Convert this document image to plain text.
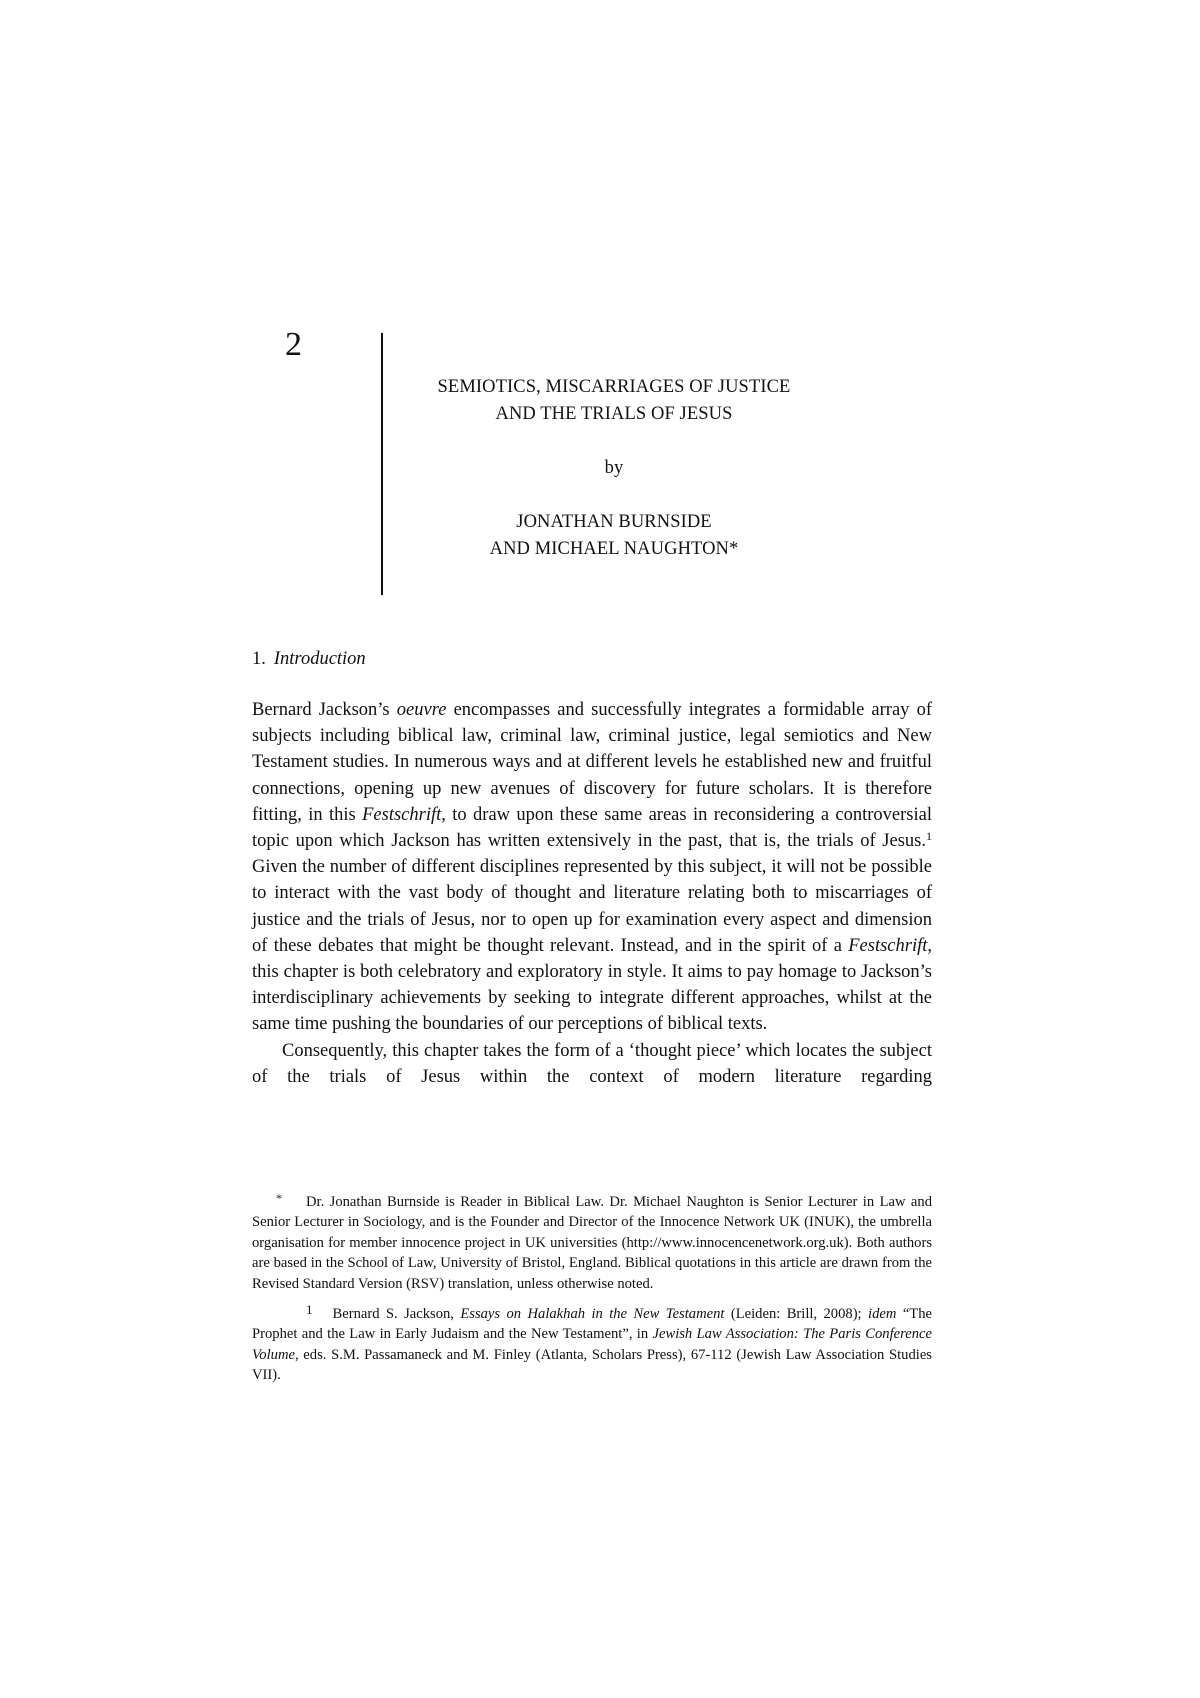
2
SEMIOTICS, MISCARRIAGES OF JUSTICE
AND THE TRIALS OF JESUS
by
JONATHAN BURNSIDE
AND MICHAEL NAUGHTON*
1. Introduction

Bernard Jackson’s oeuvre encompasses and successfully integrates a formidable array of subjects including biblical law, criminal law, criminal justice, legal semiotics and New Testament studies. In numerous ways and at different levels he established new and fruitful connections, opening up new avenues of discovery for future scholars. It is therefore fitting, in this Festschrift, to draw upon these same areas in reconsidering a controversial topic upon which Jackson has written extensively in the past, that is, the trials of Jesus.$^1$ Given the number of different disciplines represented by this subject, it will not be possible to interact with the vast body of thought and literature relating both to miscarriages of justice and the trials of Jesus, nor to open up for examination every aspect and dimension of these debates that might be thought relevant. Instead, and in the spirit of a Festschrift, this chapter is both celebratory and exploratory in style. It aims to pay homage to Jackson’s interdisciplinary achievements by seeking to integrate different approaches, whilst at the same time pushing the boundaries of our perceptions of biblical texts.

Consequently, this chapter takes the form of a ‘thought piece’ which locates the subject of the trials of Jesus within the context of modern literature regarding

* Dr. Jonathan Burnside is Reader in Biblical Law. Dr. Michael Naughton is Senior Lecturer in Law and Senior Lecturer in Sociology, and is the Founder and Director of the Innocence Network UK (INUK), the umbrella organisation for member innocence project in UK universities (http://www.innocencenetwork.org.uk). Both authors are based in the School of Law, University of Bristol, England. Biblical quotations in this article are drawn from the Revised Standard Version (RSV) translation, unless otherwise noted.

1 Bernard S. Jackson, Essays on Halakhah in the New Testament (Leiden: Brill, 2008); idem “The Prophet and the Law in Early Judaism and the New Testament”, in Jewish Law Association: The Paris Conference Volume, eds. S.M. Passamaneck and M. Finley (Atlanta, Scholars Press), 67-112 (Jewish Law Association Studies VII).
